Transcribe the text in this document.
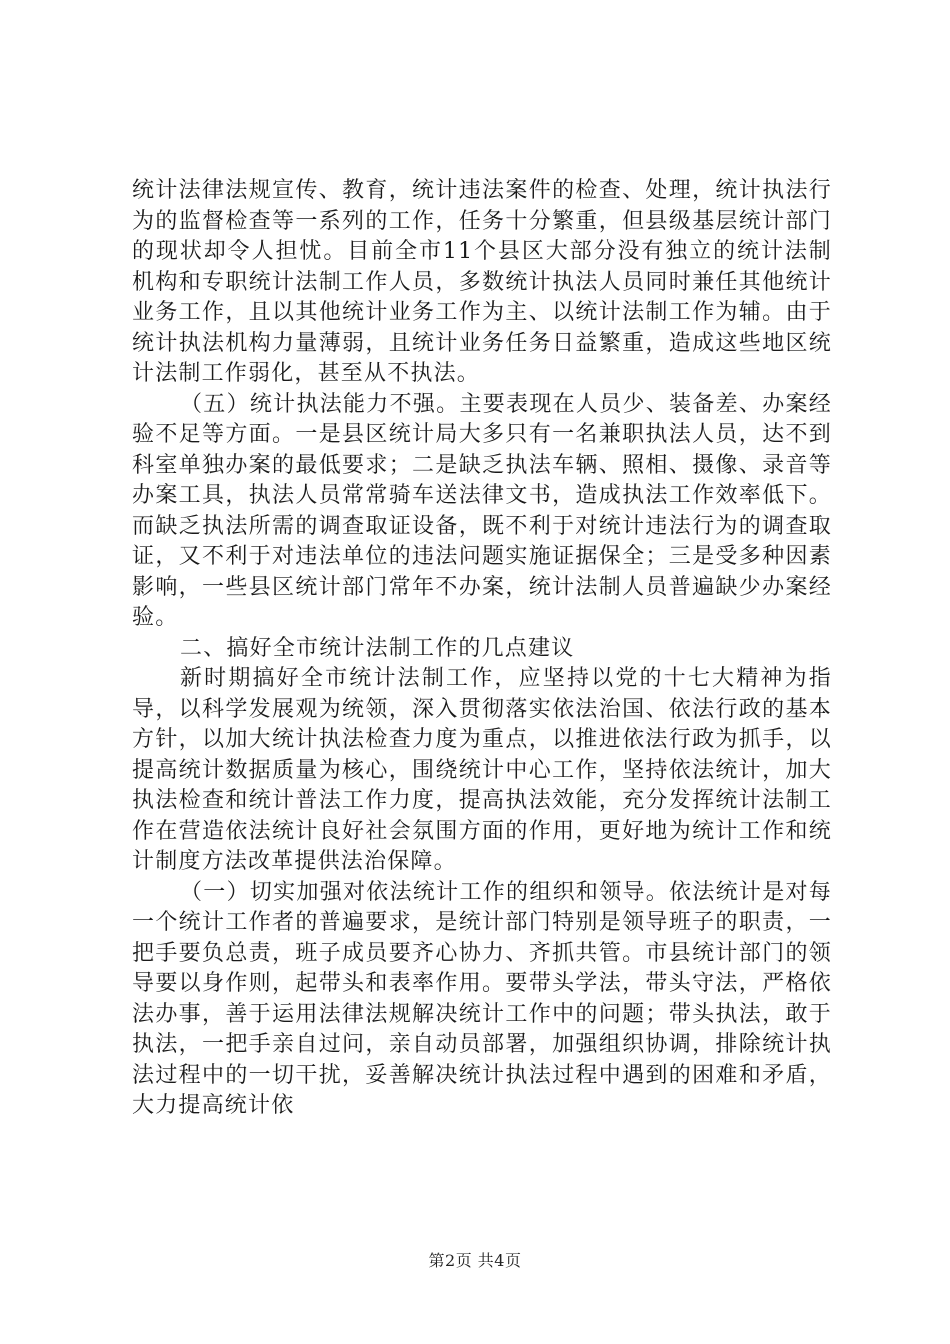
统计法律法规宣传、教育，统计违法案件的检查、处理，统计执法行为的监督检查等一系列的工作，任务十分繁重，但县级基层统计部门的现状却令人担忧。目前全市11个县区大部分没有独立的统计法制机构和专职统计法制工作人员，多数统计执法人员同时兼任其他统计业务工作，且以其他统计业务工作为主、以统计法制工作为辅。由于统计执法机构力量薄弱，且统计业务任务日益繁重，造成这些地区统计法制工作弱化，甚至从不执法。

（五）统计执法能力不强。主要表现在人员少、装备差、办案经验不足等方面。一是县区统计局大多只有一名兼职执法人员，达不到科室单独办案的最低要求；二是缺乏执法车辆、照相、摄像、录音等办案工具，执法人员常常骑车送法律文书，造成执法工作效率低下。而缺乏执法所需的调查取证设备，既不利于对统计违法行为的调查取证，又不利于对违法单位的违法问题实施证据保全；三是受多种因素影响，一些县区统计部门常年不办案，统计法制人员普遍缺少办案经验。

二、搞好全市统计法制工作的几点建议

新时期搞好全市统计法制工作，应坚持以党的十七大精神为指导，以科学发展观为统领，深入贯彻落实依法治国、依法行政的基本方针，以加大统计执法检查力度为重点，以推进依法行政为抓手，以提高统计数据质量为核心，围绕统计中心工作，坚持依法统计，加大执法检查和统计普法工作力度，提高执法效能，充分发挥统计法制工作在营造依法统计良好社会氛围方面的作用，更好地为统计工作和统计制度方法改革提供法治保障。

（一）切实加强对依法统计工作的组织和领导。依法统计是对每一个统计工作者的普遍要求，是统计部门特别是领导班子的职责，一把手要负总责，班子成员要齐心协力、齐抓共管。市县统计部门的领导要以身作则，起带头和表率作用。要带头学法，带头守法，严格依法办事，善于运用法律法规解决统计工作中的问题；带头执法，敢于执法，一把手亲自过问，亲自动员部署，加强组织协调，排除统计执法过程中的一切干扰，妥善解决统计执法过程中遇到的困难和矛盾，大力提高统计依

第2页 共4页
